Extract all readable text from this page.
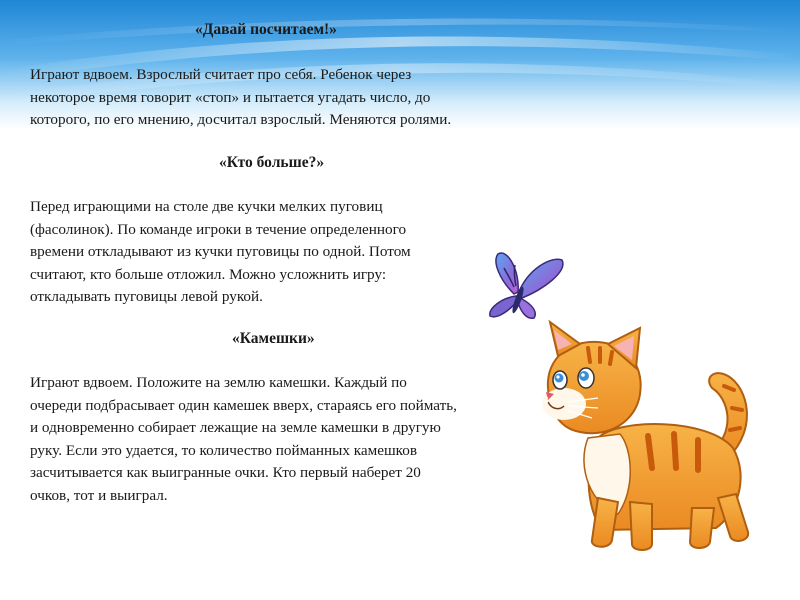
«Давай посчитаем!»

Играют вдвоем. Взрослый считает про себя. Ребенок через
некоторое время говорит «стоп» и пытается угадать число, до
которого, по его мнению, досчитал взрослый. Меняются ролями.

«Кто больше?»

Перед играющими на столе две кучки мелких пуговиц
(фасолинок). По команде игроки в течение определенного
времени откладывают из кучки пуговицы по одной. Потом
считают, кто больше отложил. Можно усложнить игру:
откладывать пуговицы левой рукой.

«Камешки»

Играют вдвоем. Положите на землю камешки. Каждый по
очереди подбрасывает один камешек вверх, стараясь его поймать,
и одновременно собирает лежащие на земле камешки в другую
руку. Если это удается, то количество пойманных камешков
засчитывается как выигранные очки. Кто первый наберет 20
очков, тот и выиграл.
